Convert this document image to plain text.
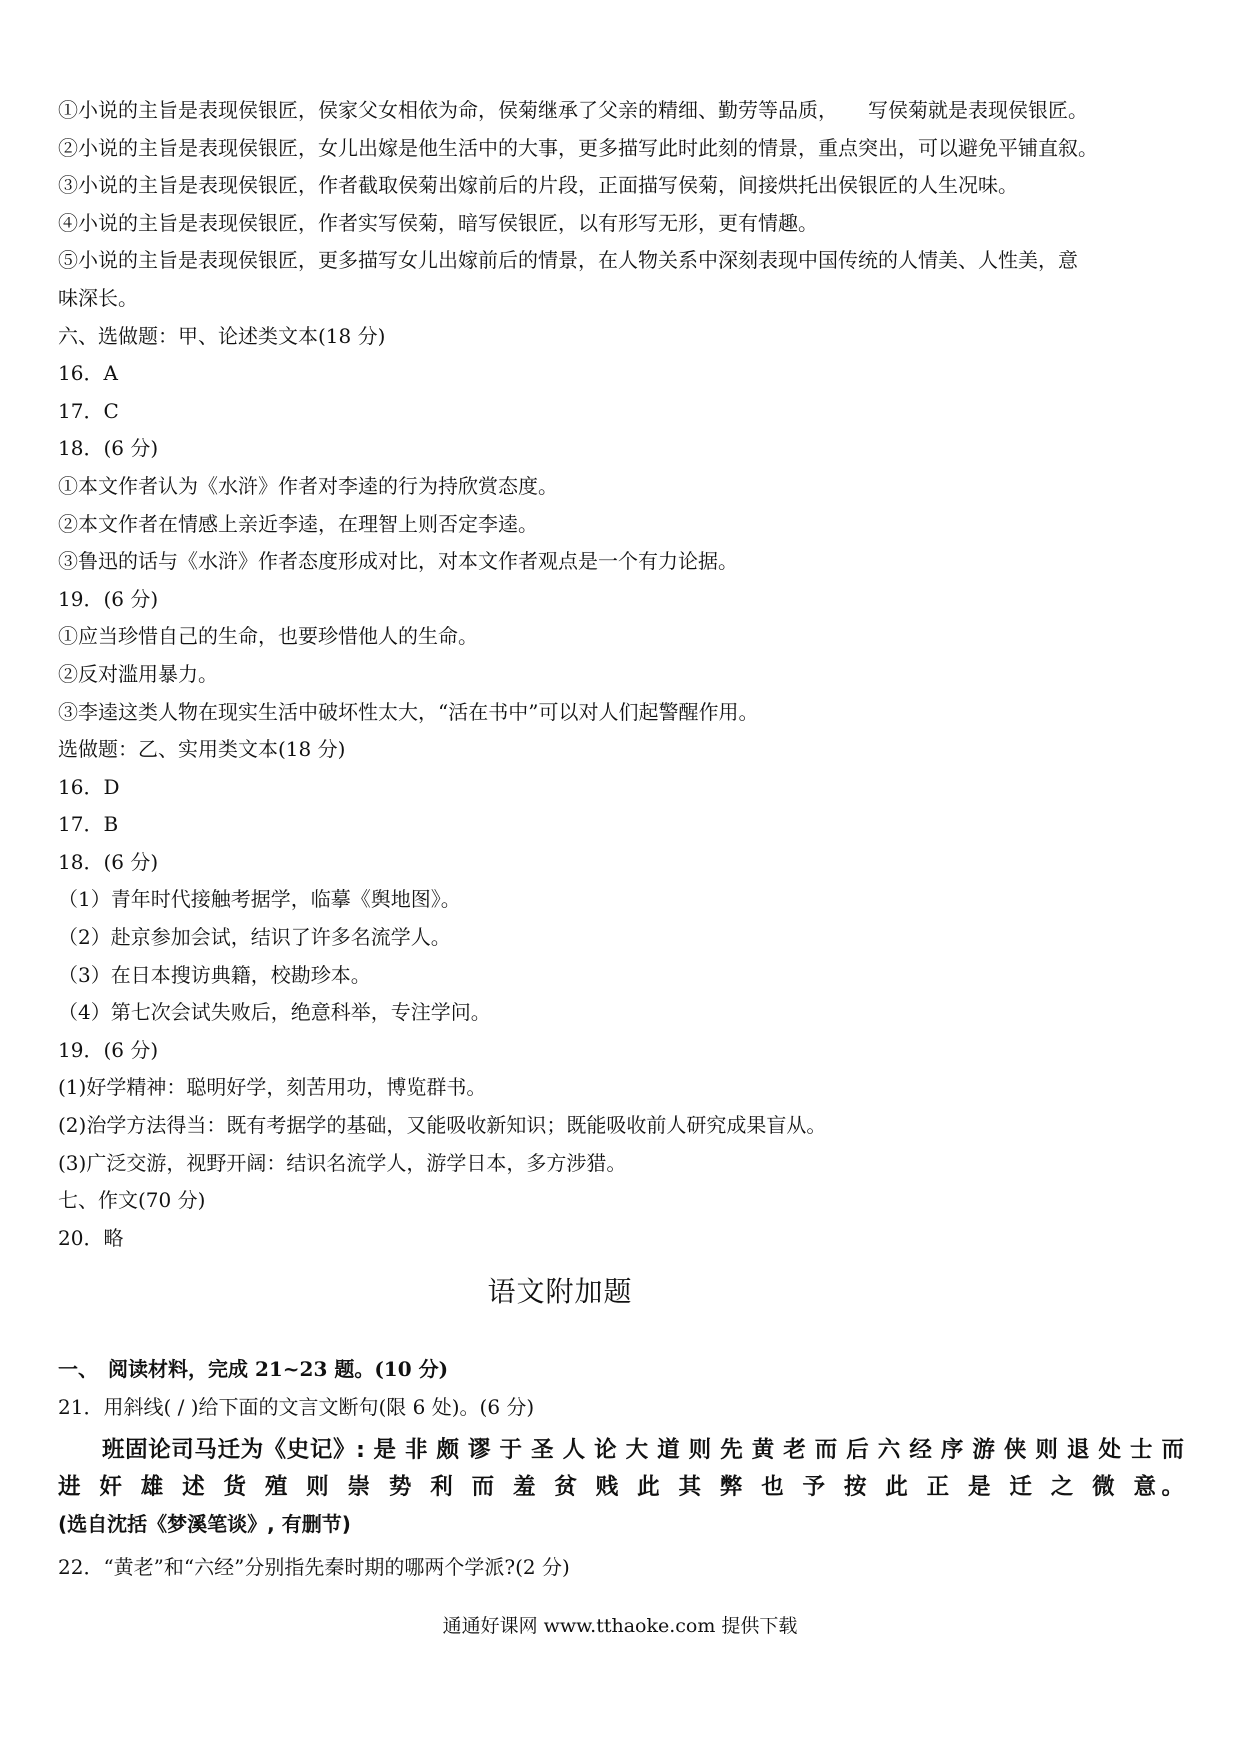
①小说的主旨是表现侯银匠，侯家父女相依为命，侯菊继承了父亲的精细、勤劳等品质，　　写侯菊就是表现侯银匠。
②小说的主旨是表现侯银匠，女儿出嫁是他生活中的大事，更多描写此时此刻的情景，重点突出，可以避免平铺直叙。
③小说的主旨是表现侯银匠，作者截取侯菊出嫁前后的片段，正面描写侯菊，间接烘托出侯银匠的人生况味。
④小说的主旨是表现侯银匠，作者实写侯菊，暗写侯银匠，以有形写无形，更有情趣。
⑤小说的主旨是表现侯银匠，更多描写女儿出嫁前后的情景，在人物关系中深刻表现中国传统的人情美、人性美，意
味深长。
六、选做题：甲、论述类文本(18 分)
16．A
17．C
18．(6 分)
①本文作者认为《水浒》作者对李逵的行为持欣赏态度。
②本文作者在情感上亲近李逵，在理智上则否定李逵。
③鲁迅的话与《水浒》作者态度形成对比，对本文作者观点是一个有力论据。
19．(6 分)
①应当珍惜自己的生命，也要珍惜他人的生命。
②反对滥用暴力。
③李逵这类人物在现实生活中破坏性太大，“活在书中”可以对人们起警醒作用。
选做题：乙、实用类文本(18 分)
16．D
17．B
18．(6 分)
（1）青年时代接触考据学，临摹《舆地图》。
（2）赴京参加会试，结识了许多名流学人。
（3）在日本搜访典籍，校勘珍本。
（4）第七次会试失败后，绝意科举，专注学问。
19．(6 分)
(1)好学精神：聪明好学，刻苦用功，博览群书。
(2)治学方法得当：既有考据学的基础，又能吸收新知识；既能吸收前人研究成果盲从。
(3)广泛交游，视野开阔：结识名流学人，游学日本，多方涉猎。
七、作文(70 分)
20．略
语文附加题
一、　阅读材料，完成 21~23 题。(10 分)
21．用斜线( / )给下面的文言文断句(限 6 处)。(6 分)
班固论司马迁为《史记》: 是 非 颇 谬 于 圣 人 论 大 道 则 先 黄 老 而 后 六 经 序 游 侠 则 退 处 士 而
进 奸 雄 述 货 殖 则 崇 势 利 而 羞 贫 贱 此 其 弊 也 予 按 此 正 是 迁 之 微 意。
(选自沈括《梦溪笔谈》, 有删节)
22．“黄老”和“六经”分别指先秦时期的哪两个学派?(2 分)
通通好课网 www.tthaoke.com 提供下载
